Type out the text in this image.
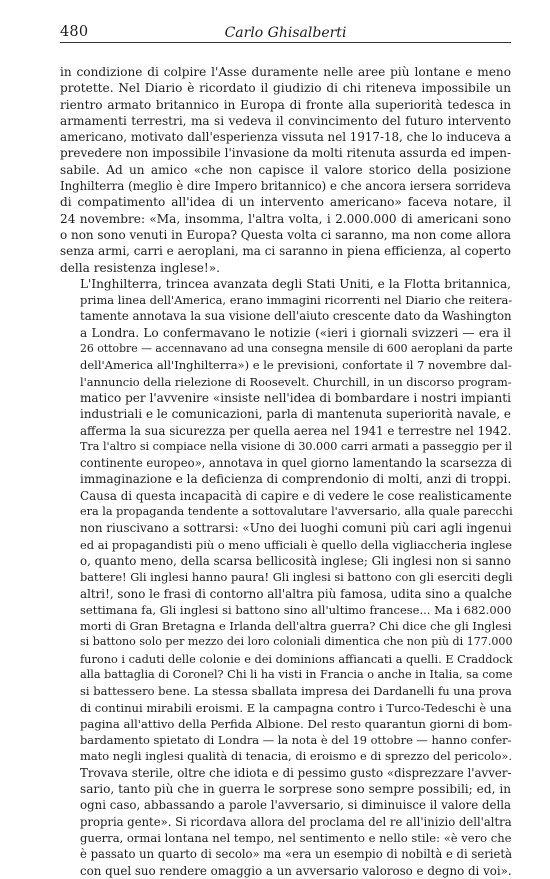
480	Carlo Ghisalberti
in condizione di colpire l'Asse duramente nelle aree più lontane e meno
protette. Nel Diario è ricordato il giudizio di chi riteneva impossibile un
rientro armato britannico in Europa di fronte alla superiorità tedesca in
armamenti terrestri, ma si vedeva il convincimento del futuro intervento
americano, motivato dall'esperienza vissuta nel 1917-18, che lo induceva a
prevedere non impossibile l'invasione da molti ritenuta assurda ed impen-
sabile. Ad un amico «che non capisce il valore storico della posizione
Inghilterra (meglio è dire Impero britannico) e che ancora iersera sorrideva
di compatimento all'idea di un intervento americano» faceva notare, il
24 novembre: «Ma, insomma, l'altra volta, i 2.000.000 di americani sono
o non sono venuti in Europa? Questa volta ci saranno, ma non come allora
senza armi, carri e aeroplani, ma ci saranno in piena efficienza, al coperto
della resistenza inglese!».
L'Inghilterra, trincea avanzata degli Stati Uniti, e la Flotta britannica,
prima linea dell'America, erano immagini ricorrenti nel Diario che reitera-
tamente annotava la sua visione dell'aiuto crescente dato da Washington
a Londra. Lo confermavano le notizie («ieri i giornali svizzeri — era il
26 ottobre — accennavano ad una consegna mensile di 600 aeroplani da parte
dell'America all'Inghilterra») e le previsioni, confortate il 7 novembre dal-
l'annuncio della rielezione di Roosevelt. Churchill, in un discorso program-
matico per l'avvenire «insiste nell'idea di bombardare i nostri impianti
industriali e le comunicazioni, parla di mantenuta superiorità navale, e
afferma la sua sicurezza per quella aerea nel 1941 e terrestre nel 1942.
Tra l'altro si compiace nella visione di 30.000 carri armati a passeggio per il
continente europeo», annotava in quel giorno lamentando la scarsezza di
immaginazione e la deficienza di comprendonio di molti, anzi di troppi.
Causa di questa incapacità di capire e di vedere le cose realisticamente
era la propaganda tendente a sottovalutare l'avversario, alla quale parecchi
non riuscivano a sottrarsi: «Uno dei luoghi comuni più cari agli ingenui
ed ai propagandisti più o meno ufficiali è quello della vigliaccheria inglese
o, quanto meno, della scarsa bellicosità inglese; Gli inglesi non si sanno
battere! Gli inglesi hanno paura! Gli inglesi si battono con gli eserciti degli
altri!, sono le frasi di contorno all'altra più famosa, udita sino a qualche
settimana fa, Gli inglesi si battono sino all'ultimo francese... Ma i 682.000
morti di Gran Bretagna e Irlanda dell'altra guerra? Chi dice che gli Inglesi
si battono solo per mezzo dei loro coloniali dimentica che non più di 177.000
furono i caduti delle colonie e dei dominions affiancati a quelli. E Craddock
alla battaglia di Coronel? Chi li ha visti in Francia o anche in Italia, sa come
si battessero bene. La stessa sballata impresa dei Dardanelli fu una prova
di continui mirabili eroismi. E la campagna contro i Turco-Tedeschi è una
pagina all'attivo della Perfida Albione. Del resto quarantun giorni di bom-
bardamento spietato di Londra — la nota è del 19 ottobre — hanno confer-
mato negli inglesi qualità di tenacia, di eroismo e di sprezzo del pericolo».
Trovava sterile, oltre che idiota e di pessimo gusto «disprezzare l'avver-
sario, tanto più che in guerra le sorprese sono sempre possibili; ed, in
ogni caso, abbassando a parole l'avversario, si diminuisce il valore della
propria gente». Si ricordava allora del proclama del re all'inizio dell'altra
guerra, ormai lontana nel tempo, nel sentimento e nello stile: «è vero che
è passato un quarto di secolo» ma «era un esempio di nobiltà e di serietà
con quel suo rendere omaggio a un avversario valoroso e degno di voi».
